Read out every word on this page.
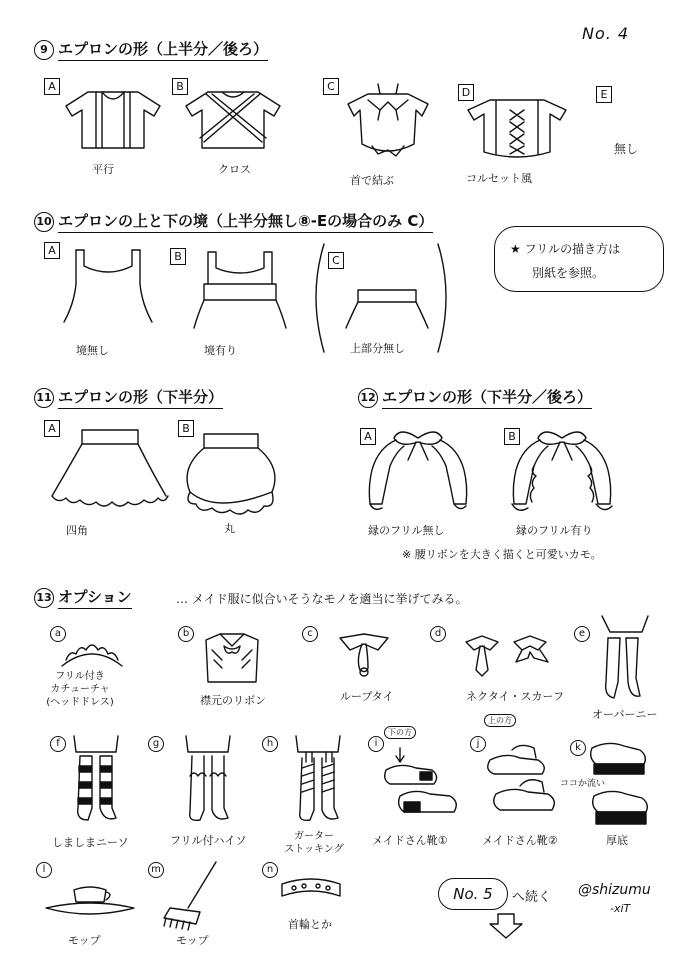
No. 4
9 エプロンの形（上半分／後ろ）
A
平行
B
クロス
C
首で結ぶ
D
コルセット風
E
無し
10 エプロンの上と下の境（上半分無し⑧-Eの場合のみ C）
A
境無し
B
境有り
C
上部分無し
★ フリルの描き方は
別紙を参照。
11 エプロンの形（下半分）
A
四角
B
丸
12 エプロンの形（下半分／後ろ）
A
縁のフリル無し
B
縁のフリル有り
※ 腰リボンを大きく描くと可愛いカモ。
13 オプション	… メイド服に似合いそうなモノを適当に挙げてみる。
a
フリル付き
カチューチャ
(ヘッドドレス)
b
襟元のリボン
c
ループタイ
d
ネクタイ・スカーフ
e
オーバーニー
f
しましまニーソ
g
フリル付ハイソ
h
ガーター
ストッキング
i
下の方
メイドさん靴①
j
上の方
ココか流い
メイドさん靴②
k
厚底
l
モップ
m
モップ
n
首輪とか
No. 5	へ続く @shizumu
-xiT
